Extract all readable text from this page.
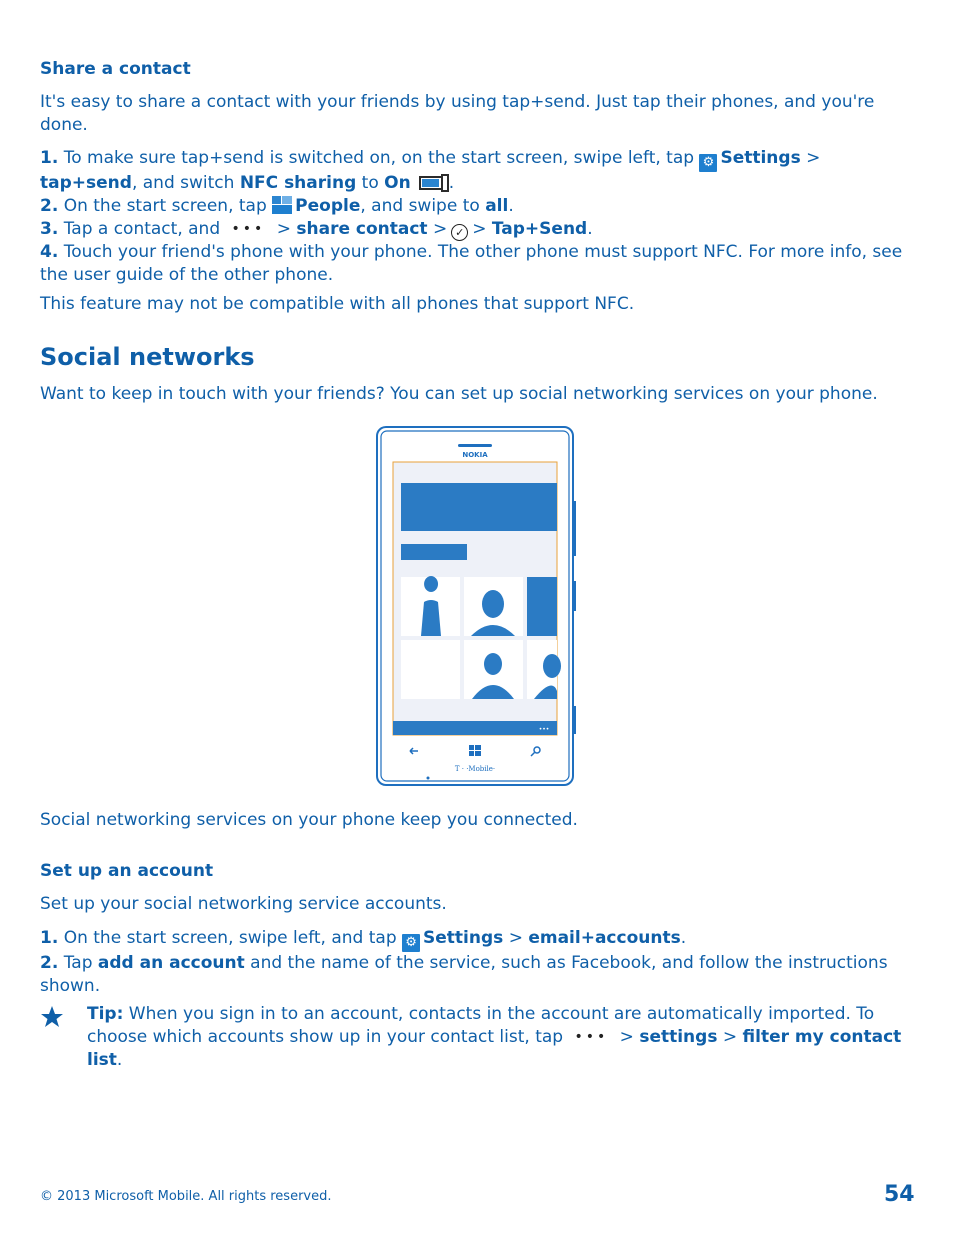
Share a contact

It's easy to share a contact with your friends by using tap+send. Just tap their phones, and you're done.

1. To make sure tap+send is switched on, on the start screen, swipe left, tap ⚙ Settings > tap+send, and switch NFC sharing to On .

2. On the start screen, tap People, and swipe to all.

3. Tap a contact, and ••• > share contact > ✓ > Tap+Send.

4. Touch your friend's phone with your phone. The other phone must support NFC. For more info, see the user guide of the other phone.

This feature may not be compatible with all phones that support NFC.

Social networks

Want to keep in touch with your friends? You can set up social networking services on your phone.

NOKIA
•••
T · ·Mobile·

Social networking services on your phone keep you connected.

Set up an account

Set up your social networking service accounts.

1. On the start screen, swipe left, and tap ⚙ Settings > email+accounts.

2. Tap add an account and the name of the service, such as Facebook, and follow the instructions shown.

Tip: When you sign in to an account, contacts in the account are automatically imported. To choose which accounts show up in your contact list, tap ••• > settings > filter my contact list.

© 2013 Microsoft Mobile. All rights reserved.	54
